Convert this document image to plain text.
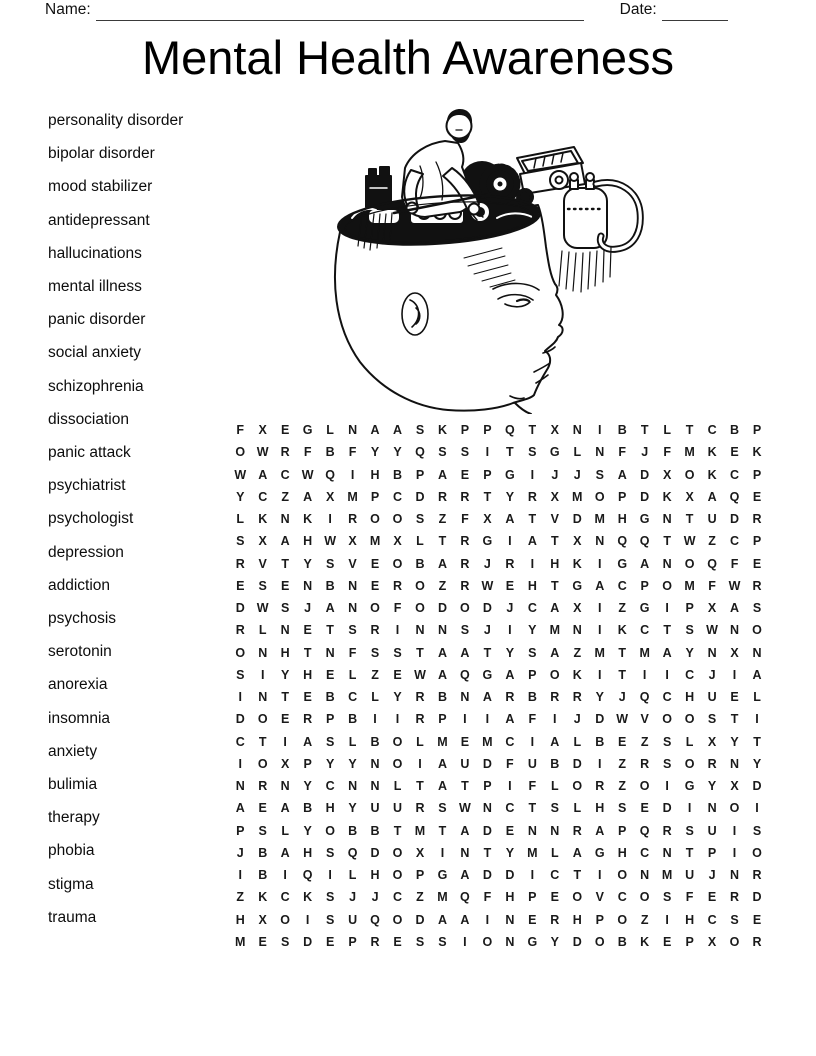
Name:	Date:
Mental Health Awareness
personality disorder
bipolar disorder
mood stabilizer
antidepressant
hallucinations
mental illness
panic disorder
social anxiety
schizophrenia
dissociation
panic attack
psychiatrist
psychologist
depression
addiction
psychosis
serotonin
anorexia
insomnia
anxiety
bulimia
therapy
phobia
stigma
trauma
F	X	E	G	L	N	A	A	S	K	P	P	Q	T	X	N	I	B	T	L	T	C	B	P
O W R	F	B	F	Y	Y	Q	S	S	I	T	S	G	L	N	F	J	F	M	K	E	K
W A	C W Q	I	H	B	P	A	E	P	G	I	J	J	S	A	D	X	O	K	C	P
Y	C	Z	A	X	M	P	C	D	R	R	T	Y	R	X	M O	P	D	K	X	A	Q	E
L	K	N	K	I	R	O	O	S	Z	F	X	A	T	V	D	M	H	G	N	T	U	D	R
S	X	A	H W X	M	X	L	T	R	G	I	A	T	X	N	Q	Q	T	W	Z	C	P
R	V	T	Y	S	V	E	O	B	A	R	J	R	I	H	K	I	G	A	N	O	Q	F	E
E	S	E	N	B	N	E	R	O	Z	R W E	H	T	G	A	C	P	O M	F	W R
D W S	J	A	N	O	F	O	D	O	D	J	C	A	X	I	Z	G	I	P	X	A	S
R	L	N	E	T	S	R	I	N	N	S	J	I	Y	M	N	I	K	C	T	S W N	O
O	N	H	T	N	F	S	S	T	A	A	T	Y	S	A	Z	M	T	M	A	Y	N	X	N
S	I	Y	H	E	L	Z	E W A	Q	G	A	P	O	K	I	T	I	I	C	J	I	A
I	N	T	E	B	C	L	Y	R	B	N	A	R	B	R	R	Y	J	Q	C	H	U	E	L
D	O	E	R	P	B	I	I	R	P	I	I	A	F	I	J	D W V	O	O	S	T	I
C	T	I	A	S	L	B	O	L	M	E	M	C	I	A	L	B	E	Z	S	L	X	Y	T
I	O	X	P	Y	Y	N	O	I	A	U	D	F	U	B	D	I	Z	R	S	O	R	N	Y
N	R	N	Y	C	N	N	L	T	A	T	P	I	F	L	O	R	Z	O	I	G	Y	X	D
A	E	A	B	H	Y	U	U	R	S W N	C	T	S	L	H	S	E	D	I	N	O	I
P	S	L	Y	O	B	B	T	M	T	A	D	E	N	N	R	A	P	Q	R	S	U	I	S
J	B	A	H	S	Q	D	O	X	I	N	T	Y	M	L	A	G	H	C	N	T	P	I	O
I	B	I	Q	I	L	H	O	P	G	A	D	D	I	C	T	I	O	N	M	U	J	N	R
Z	K	C	K	S	J	J	C	Z	M Q	F	H	P	E	O	V	C	O	S	F	E	R	D
H	X	O	I	S	U	Q	O	D	A	A	I	N	E	R	H	P	O	Z	I	H	C	S	E
M	E	S	D	E	P	R	E	S	S	I	O	N	G	Y	D	O	B	K	E	P	X	O	R
